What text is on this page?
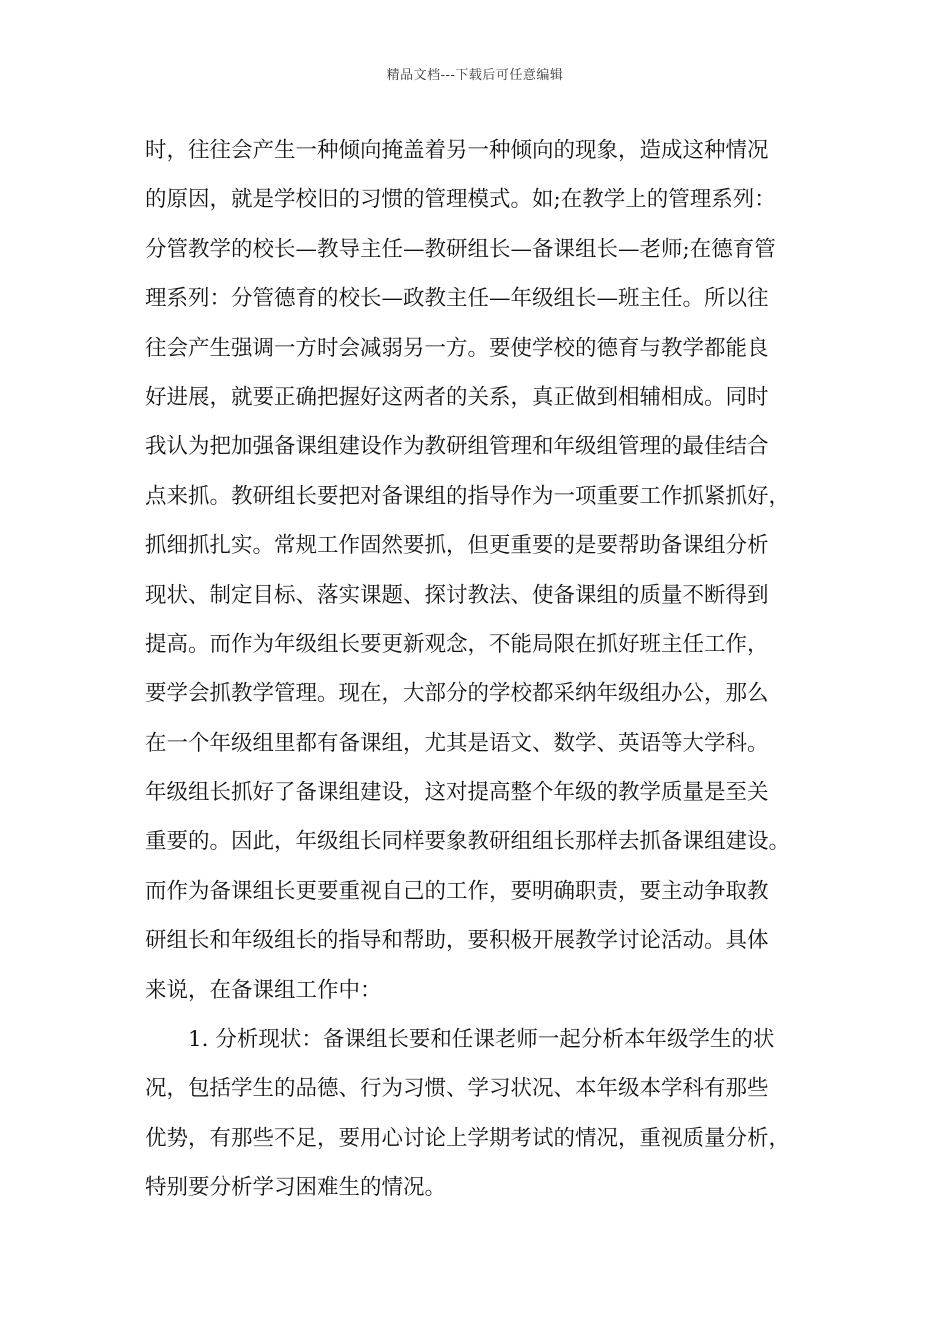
精品文档---下载后可任意编辑
时，往往会产生一种倾向掩盖着另一种倾向的现象，造成这种情况
的原因，就是学校旧的习惯的管理模式。如;在教学上的管理系列：
分管教学的校长—教导主任—教研组长—备课组长—老师;在德育管
理系列：分管德育的校长—政教主任—年级组长—班主任。所以往
往会产生强调一方时会减弱另一方。要使学校的德育与教学都能良
好进展，就要正确把握好这两者的关系，真正做到相辅相成。同时
我认为把加强备课组建设作为教研组管理和年级组管理的最佳结合
点来抓。教研组长要把对备课组的指导作为一项重要工作抓紧抓好，
抓细抓扎实。常规工作固然要抓，但更重要的是要帮助备课组分析
现状、制定目标、落实课题、探讨教法、使备课组的质量不断得到
提高。而作为年级组长要更新观念，不能局限在抓好班主任工作，
要学会抓教学管理。现在，大部分的学校都采纳年级组办公，那么
在一个年级组里都有备课组，尤其是语文、数学、英语等大学科。
年级组长抓好了备课组建设，这对提高整个年级的教学质量是至关
重要的。因此，年级组长同样要象教研组组长那样去抓备课组建设。
而作为备课组长更要重视自己的工作，要明确职责，要主动争取教
研组长和年级组长的指导和帮助，要积极开展教学讨论活动。具体
来说，在备课组工作中：
1. 分析现状：备课组长要和任课老师一起分析本年级学生的状
况，包括学生的品德、行为习惯、学习状况、本年级本学科有那些
优势，有那些不足，要用心讨论上学期考试的情况，重视质量分析，
特别要分析学习困难生的情况。
